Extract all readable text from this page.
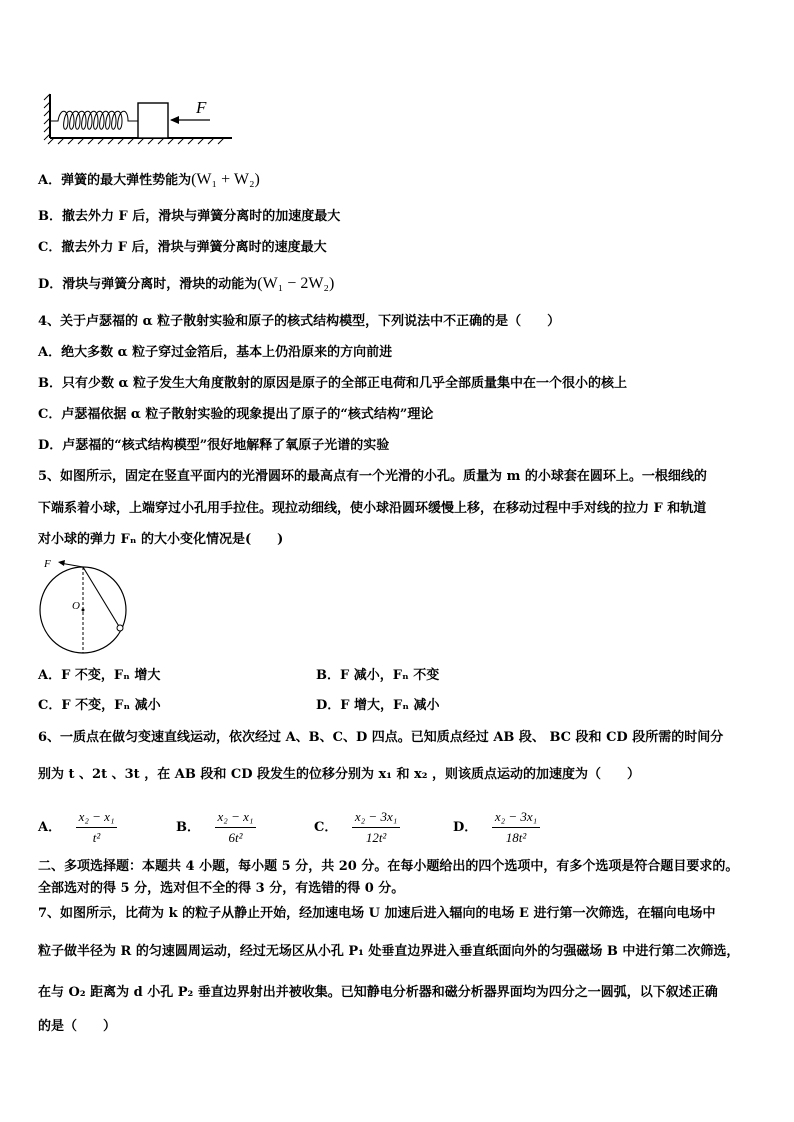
F
A．弹簧的最大弹性势能为(W₁ + W₂)
B．撤去外力 F 后，滑块与弹簧分离时的加速度最大
C．撤去外力 F 后，滑块与弹簧分离时的速度最大
D．滑块与弹簧分离时，滑块的动能为(W₁ − 2W₂)
4、关于卢瑟福的 α 粒子散射实验和原子的核式结构模型，下列说法中不正确的是（　　）
A．绝大多数 α 粒子穿过金箔后，基本上仍沿原来的方向前进
B．只有少数 α 粒子发生大角度散射的原因是原子的全部正电荷和几乎全部质量集中在一个很小的核上
C．卢瑟福依据 α 粒子散射实验的现象提出了原子的“核式结构”理论
D．卢瑟福的“核式结构模型”很好地解释了氧原子光谱的实验
5、如图所示，固定在竖直平面内的光滑圆环的最高点有一个光滑的小孔。质量为 m 的小球套在圆环上。一根细线的
下端系着小球，上端穿过小孔用手拉住。现拉动细线，使小球沿圆环缓慢上移，在移动过程中手对线的拉力 F 和轨道
对小球的弹力 Fₙ 的大小变化情况是(　　)
F
O
A．F 不变，Fₙ 增大	B．F 减小，Fₙ 不变
C．F 不变，Fₙ 减小	D．F 增大，Fₙ 减小
6、一质点在做匀变速直线运动，依次经过 A、B、C、D 四点。已知质点经过 AB 段、 BC 段和 CD 段所需的时间分
别为 t 、2t 、3t ，在 AB 段和 CD 段发生的位移分别为 x₁ 和 x₂ ，则该质点运动的加速度为（　　）
A． $\frac{\text{x₂ − x₁}}{\text{t²}}$	B． $\frac{\text{x₂ − x₁}}{\text{6t²}}$	C． $\frac{\text{x₂ − 3x₁}}{\text{12t²}}$	D． $\frac{\text{x₂ − 3x₁}}{\text{18t²}}$
二、多项选择题：本题共 4 小题，每小题 5 分，共 20 分。在每小题给出的四个选项中，有多个选项是符合题目要求的。
全部选对的得 5 分，选对但不全的得 3 分，有选错的得 0 分。
7、如图所示，比荷为 k 的粒子从静止开始，经加速电场 U 加速后进入辐向的电场 E 进行第一次筛选，在辐向电场中
粒子做半径为 R 的匀速圆周运动，经过无场区从小孔 P₁ 处垂直边界进入垂直纸面向外的匀强磁场 B 中进行第二次筛选，
在与 O₂ 距离为 d 小孔 P₂ 垂直边界射出并被收集。已知静电分析器和磁分析器界面均为四分之一圆弧，以下叙述正确
的是（　　）
